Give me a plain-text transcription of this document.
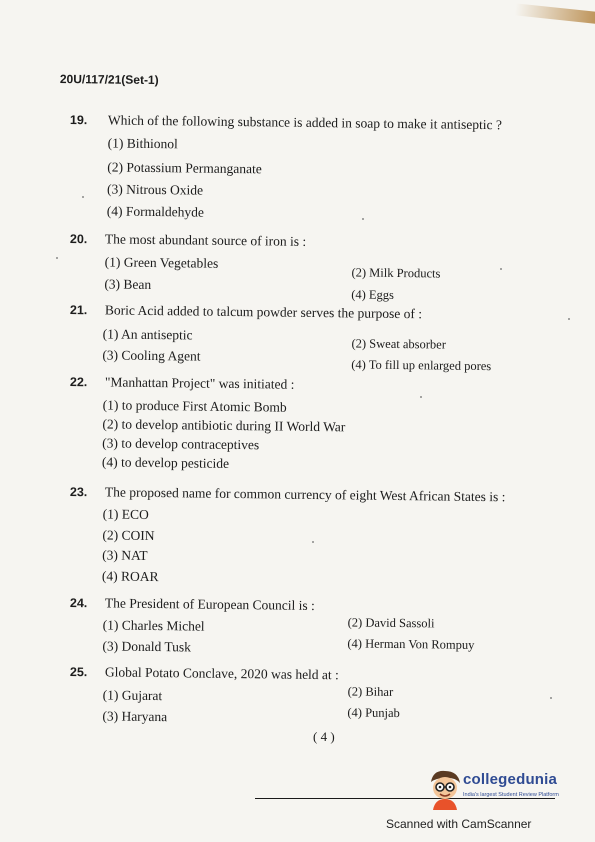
20U/117/21(Set-1)
19. Which of the following substance is added in soap to make it antiseptic ?
(1) Bithionol
(2) Potassium Permanganate
(3) Nitrous Oxide
(4) Formaldehyde
20. The most abundant source of iron is :
(1) Green Vegetables
(2) Milk Products
(3) Bean
(4) Eggs
21. Boric Acid added to talcum powder serves the purpose of :
(1) An antiseptic
(2) Sweat absorber
(3) Cooling Agent
(4) To fill up enlarged pores
22. "Manhattan Project" was initiated :
(1) to produce First Atomic Bomb
(2) to develop antibiotic during II World War
(3) to develop contraceptives
(4) to develop pesticide
23. The proposed name for common currency of eight West African States is :
(1) ECO
(2) COIN
(3) NAT
(4) ROAR
24. The President of European Council is :
(1) Charles Michel	(2) David Sassoli
(3) Donald Tusk	(4) Herman Von Rompuy
25. Global Potato Conclave, 2020 was held at :
(1) Gujarat	(2) Bihar
(3) Haryana	(4) Punjab
( 4 )
collegedunia
India's largest Student Review Platform
Scanned with CamScanner
